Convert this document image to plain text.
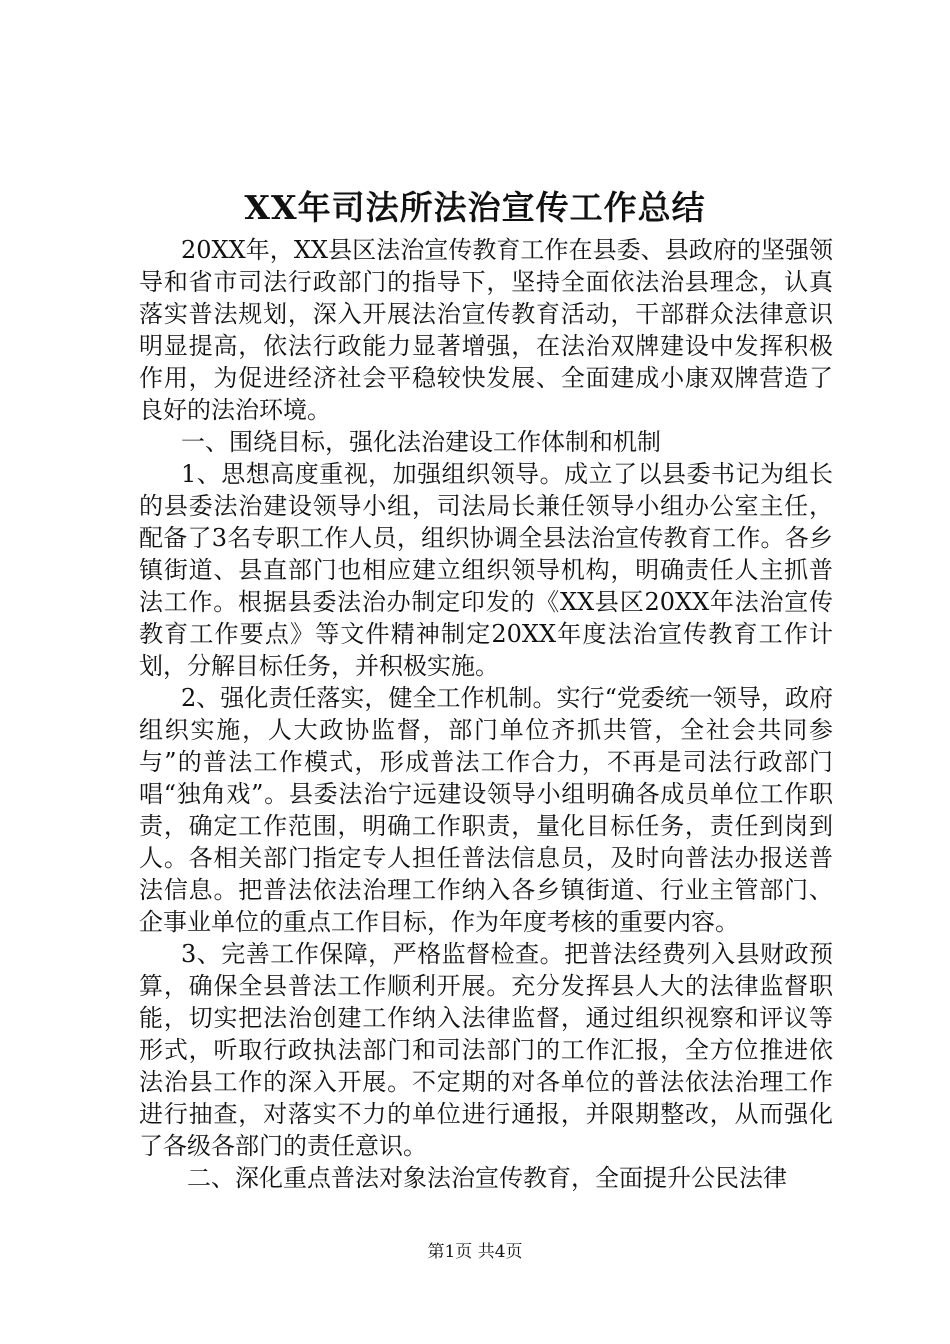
XX年司法所法治宣传工作总结

20XX年，XX县区法治宣传教育工作在县委、县政府的坚强领导和省市司法行政部门的指导下，坚持全面依法治县理念，认真落实普法规划，深入开展法治宣传教育活动，干部群众法律意识明显提高，依法行政能力显著增强，在法治双牌建设中发挥积极作用，为促进经济社会平稳较快发展、全面建成小康双牌营造了良好的法治环境。

一、围绕目标，强化法治建设工作体制和机制

1、思想高度重视，加强组织领导。成立了以县委书记为组长的县委法治建设领导小组，司法局长兼任领导小组办公室主任，配备了3名专职工作人员，组织协调全县法治宣传教育工作。各乡镇街道、县直部门也相应建立组织领导机构，明确责任人主抓普法工作。根据县委法治办制定印发的《XX县区20XX年法治宣传教育工作要点》等文件精神制定20XX年度法治宣传教育工作计划，分解目标任务，并积极实施。

2、强化责任落实，健全工作机制。实行“党委统一领导，政府组织实施，人大政协监督，部门单位齐抓共管，全社会共同参与”的普法工作模式，形成普法工作合力，不再是司法行政部门唱“独角戏”。县委法治宁远建设领导小组明确各成员单位工作职责，确定工作范围，明确工作职责，量化目标任务，责任到岗到人。各相关部门指定专人担任普法信息员，及时向普法办报送普法信息。把普法依法治理工作纳入各乡镇街道、行业主管部门、企事业单位的重点工作目标，作为年度考核的重要内容。

3、完善工作保障，严格监督检查。把普法经费列入县财政预算，确保全县普法工作顺利开展。充分发挥县人大的法律监督职能，切实把法治创建工作纳入法律监督，通过组织视察和评议等形式，听取行政执法部门和司法部门的工作汇报，全方位推进依法治县工作的深入开展。不定期的对各单位的普法依法治理工作进行抽查，对落实不力的单位进行通报，并限期整改，从而强化了各级各部门的责任意识。

二、深化重点普法对象法治宣传教育，全面提升公民法律

第1页 共4页
